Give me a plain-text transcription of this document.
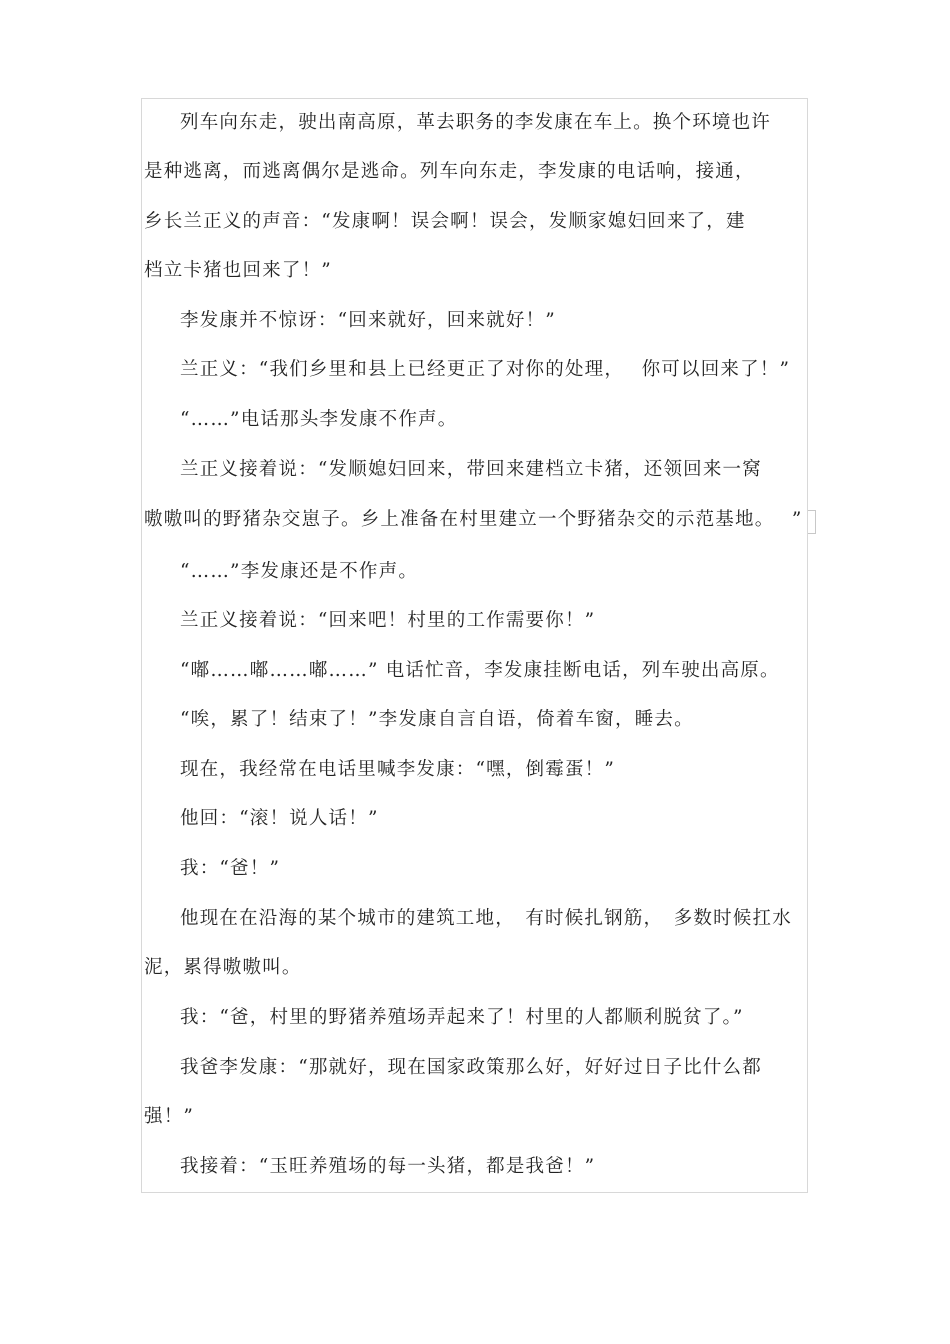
列车向东走，驶出南高原，革去职务的李发康在车上。换个环境也许
是种逃离，而逃离偶尔是逃命。列车向东走，李发康的电话响，接通，
乡长兰正义的声音：“发康啊！误会啊！误会，发顺家媳妇回来了，建
档立卡猪也回来了！”
李发康并不惊讶：“回来就好，回来就好！”
兰正义：“我们乡里和县上已经更正了对你的处理，　 你可以回来了！”
“……”电话那头李发康不作声。
兰正义接着说：“发顺媳妇回来，带回来建档立卡猪，还领回来一窝
嗷嗷叫的野猪杂交崽子。乡上准备在村里建立一个野猪杂交的示范基地。　 ”
“……”李发康还是不作声。
兰正义接着说：“回来吧！村里的工作需要你！”
“嘟……嘟……嘟……” 电话忙音，李发康挂断电话，列车驶出高原。
“唉，累了！结束了！”李发康自言自语，倚着车窗，睡去。
现在，我经常在电话里喊李发康：“嘿，倒霉蛋！”
他回：“滚！说人话！”
我：“爸！”
他现在在沿海的某个城市的建筑工地，　有时候扎钢筋，　多数时候扛水
泥，累得嗷嗷叫。
我：“爸，村里的野猪养殖场弄起来了！村里的人都顺利脱贫了。”
我爸李发康：“那就好，现在国家政策那么好，好好过日子比什么都
强！”
我接着：“玉旺养殖场的每一头猪，都是我爸！”
